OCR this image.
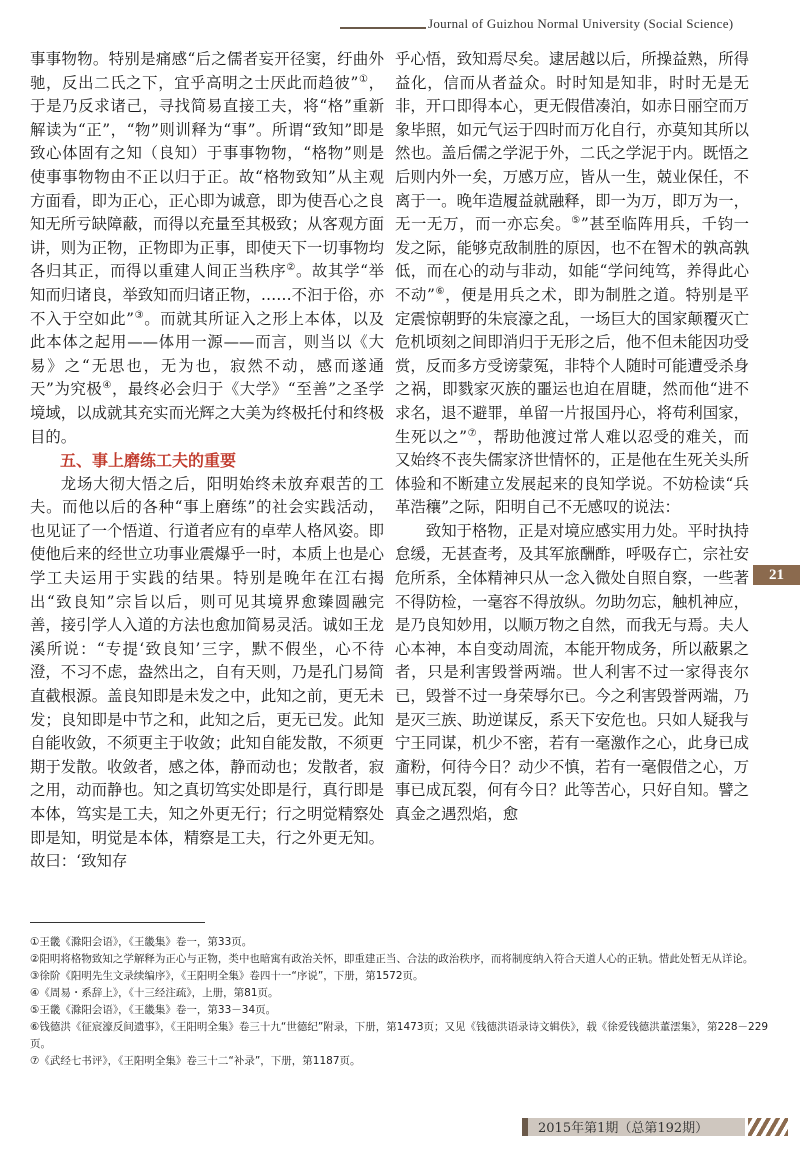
Journal of Guizhou Normal University (Social Science)

事事物物。特别是痛感“后之儒者妄开径窦，纡曲外驰，反出二氏之下，宜乎高明之士厌此而趋彼”①，于是乃反求诸己，寻找简易直接工夫，将“格”重新解读为“正”，“物”则训释为“事”。所谓“致知”即是致心体固有之知（良知）于事事物物，“格物”则是使事事物物由不正以归于正。故“格物致知”从主观方面看，即为正心，正心即为诚意，即为使吾心之良知无所亏缺障蔽，而得以充量至其极致；从客观方面讲，则为正物，正物即为正事，即使天下一切事物均各归其正，而得以重建人间正当秩序②。故其学“举知而归诸良，举致知而归诸正物，……不汩于俗，亦不入于空如此”③。而就其所证入之形上本体，以及此本体之起用——体用一源——而言，则当以《大易》之“无思也，无为也，寂然不动，感而遂通天”为究极④，最终必会归于《大学》“至善”之圣学境域，以成就其充实而光辉之大美为终极托付和终极目的。

五、事上磨练工夫的重要

龙场大彻大悟之后，阳明始终未放弃艰苦的工夫。而他以后的各种“事上磨练”的社会实践活动，也见证了一个悟道、行道者应有的卓荦人格风姿。即使他后来的经世立功事业震爆乎一时，本质上也是心学工夫运用于实践的结果。特别是晚年在江右揭出“致良知”宗旨以后，则可见其境界愈臻圆融完善，接引学人入道的方法也愈加简易灵活。诚如王龙溪所说：“专提‘致良知’三字，默不假坐，心不待澄，不习不虑，盎然出之，自有天则，乃是孔门易简直截根源。盖良知即是未发之中，此知之前，更无未发；良知即是中节之和，此知之后，更无已发。此知自能收敛，不须更主于收敛；此知自能发散，不须更期于发散。收敛者，感之体，静而动也；发散者，寂之用，动而静也。知之真切笃实处即是行，真行即是本体，笃实是工夫，知之外更无行；行之明觉精察处即是知，明觉是本体，精察是工夫，行之外更无知。故曰：‘致知存

乎心悟，致知焉尽矣。逮居越以后，所操益熟，所得益化，信而从者益众。时时知是知非，时时无是无非，开口即得本心，更无假借凑泊，如赤日丽空而万象毕照，如元气运于四时而万化自行，亦莫知其所以然也。盖后儒之学泥于外，二氏之学泥于内。既悟之后则内外一矣，万感万应，皆从一生，兢业保任，不离于一。晚年造履益就融释，即一为万，即万为一，无一无万，而一亦忘矣。⑤”甚至临阵用兵，千钧一发之际，能够克敌制胜的原因，也不在智术的孰高孰低，而在心的动与非动，如能“学问纯笃，养得此心不动”⑥，便是用兵之术，即为制胜之道。特别是平定震惊朝野的朱宸濠之乱，一场巨大的国家颠覆灭亡危机顷刻之间即消归于无形之后，他不但未能因功受赏，反而多方受谤蒙冤，非特个人随时可能遭受杀身之祸，即戮家灭族的噩运也迫在眉睫，然而他“进不求名，退不避罪，单留一片报国丹心，将苟利国家，生死以之”⑦，帮助他渡过常人难以忍受的难关，而又始终不丧失儒家济世情怀的，正是他在生死关头所体验和不断建立发展起来的良知学说。不妨检读“兵革浩穰”之际，阳明自己不无感叹的说法：

致知于格物，正是对境应感实用力处。平时执持怠缓，无甚查考，及其军旅酬酢，呼吸存亡，宗社安危所系，全体精神只从一念入微处自照自察，一些著不得防检，一毫容不得放纵。勿助勿忘，触机神应，是乃良知妙用，以顺万物之自然，而我无与焉。夫人心本神，本自变动周流，本能开物成务，所以蔽累之者，只是利害毁誉两端。世人利害不过一家得丧尔已，毁誉不过一身荣辱尔已。今之利害毁誉两端，乃是灭三族、助逆谋反，系天下安危也。只如人疑我与宁王同谋，机少不密，若有一毫激作之心，此身已成齑粉，何待今日？动少不慎，若有一毫假借之心，万事已成瓦裂，何有今日？此等苦心，只好自知。譬之真金之遇烈焰，愈

21
①王畿《滁阳会语》，《王畿集》卷一，第33页。
②阳明将格物致知之学解释为正心与正物，类中也暗寓有政治关怀，即重建正当、合法的政治秩序，而将制度纳入符合天道人心的正轨。惜此处暂无从详论。
③徐阶《阳明先生文录续编序》，《王阳明全集》卷四十一“序说”，下册，第1572页。
④《周易・系辞上》，《十三经注疏》，上册，第81页。
⑤王畿《滁阳会语》，《王畿集》卷一，第33－34页。
⑥钱德洪《征宸濠反间遗事》，《王阳明全集》卷三十九“世德纪”附录，下册，第1473页；又见《钱德洪语录诗文辑佚》，载《徐爱钱德洪董澐集》，第228－229页。
⑦《武经七书评》，《王阳明全集》卷三十二“补录”，下册，第1187页。
2015年第1期（总第192期）
